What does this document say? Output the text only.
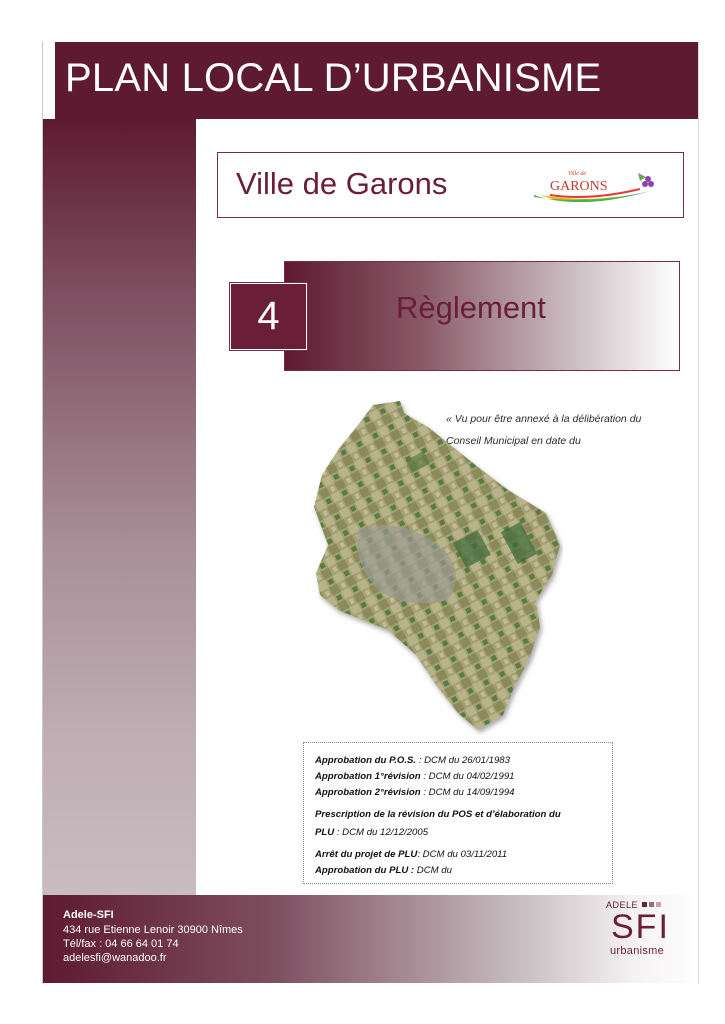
PLAN LOCAL D’URBANISME
Ville de Garons	Ville de
GARONS
4	Règlement
« Vu pour être annexé à la délibération du
Conseil Municipal en date du
Approbation du P.O.S. : DCM du 26/01/1983
Approbation 1°révision : DCM du 04/02/1991
Approbation 2°révision : DCM du 14/09/1994
Prescription de la révision du POS et d’élaboration du
PLU : DCM du 12/12/2005
Arrêt du projet de PLU: DCM du 03/11/2011
Approbation du PLU : DCM du
Adele-SFI
434 rue Etienne Lenoir 30900 Nîmes
Tél/fax : 04 66 64 01 74
adelesfi@wanadoo.fr
ADELE
SFI
urbanisme
